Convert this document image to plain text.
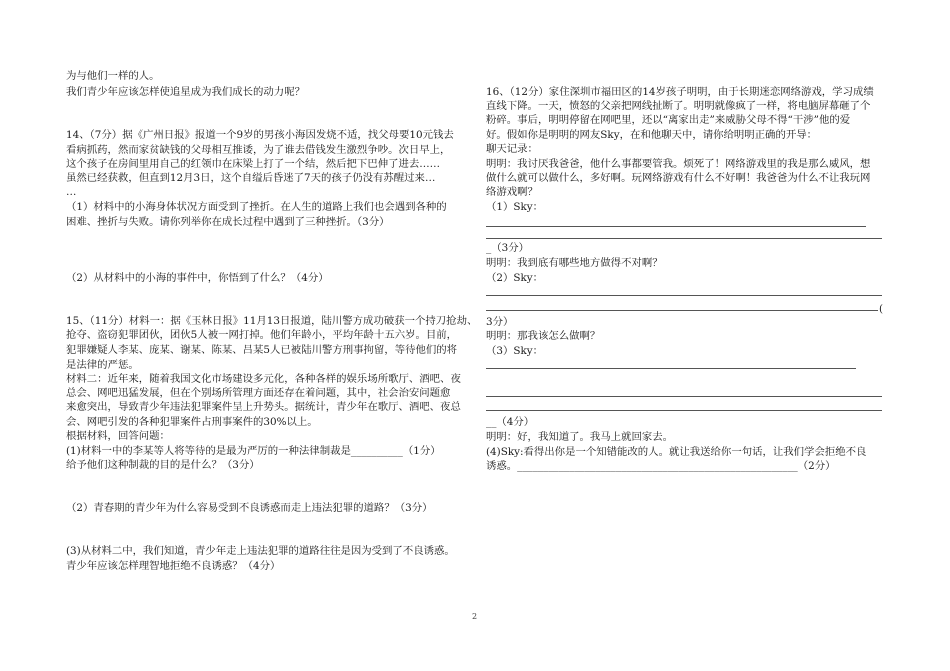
为与他们一样的人。
我们青少年应该怎样使追星成为我们成长的动力呢？
14、（7分）据《广州日报》报道一个9岁的男孩小海因发烧不适，找父母要10元钱去
看病抓药，然而家贫缺钱的父母相互推诿，为了谁去借钱发生激烈争吵。次日早上，
这个孩子在房间里用自己的红领巾在床梁上打了一个结，然后把下巴伸了进去……
虽然已经获救，但直到12月3日，这个自缢后昏迷了7天的孩子仍没有苏醒过来…
…
（1）材料中的小海身体状况方面受到了挫折。在人生的道路上我们也会遇到各种的
困难、挫折与失败。请你列举你在成长过程中遇到了三种挫折。（3分）
（2）从材料中的小海的事件中，你悟到了什么？（4分）
15、（11分）材料一：据《玉林日报》11月13日报道，陆川警方成功破获一个持刀抢劫、
抢夺、盗窃犯罪团伙，团伙5人被一网打掉。他们年龄小，平均年龄十五六岁。目前，
犯罪嫌疑人李某、庞某、谢某、陈某、吕某5人已被陆川警方刑事拘留，等待他们的将
是法律的严惩。
材料二：近年来，随着我国文化市场建设多元化，各种各样的娱乐场所歌厅、酒吧、夜
总会、网吧迅猛发展，但在个别场所管理方面还存在着问题，其中，社会治安问题愈
来愈突出，导致青少年违法犯罪案件呈上升势头。据统计，青少年在歌厅、酒吧、夜总
会、网吧引发的各种犯罪案件占刑事案件的30%以上。
根据材料，回答问题：
(1)材料一中的李某等人将等待的是最为严厉的一种法律制裁是__________（1分）
给予他们这种制裁的目的是什么？（3分）
（2）青春期的青少年为什么容易受到不良诱惑而走上违法犯罪的道路？（3分）
(3)从材料二中，我们知道，青少年走上违法犯罪的道路往往是因为受到了不良诱惑。
青少年应该怎样理智地拒绝不良诱惑？（4分）
16、（12分）家住深圳市福田区的14岁孩子明明，由于长期迷恋网络游戏，学习成绩
直线下降。一天，愤怒的父亲把网线扯断了。明明就像疯了一样，将电脑屏幕砸了个
粉碎。事后，明明停留在网吧里，还以“离家出走”来威胁父母不得“干涉”他的爱
好。假如你是明明的网友Sky，在和他聊天中，请你给明明正确的开导：
聊天记录：
明明：我讨厌我爸爸，他什么事都要管我。烦死了！网络游戏里的我是那么威风，想
做什么就可以做什么，多好啊。玩网络游戏有什么不好啊！我爸爸为什么不让我玩网
络游戏啊？
（1）Sky：
_（3分）
明明：我到底有哪些地方做得不对啊？
（2）Sky：
(
3分）
明明：那我该怎么做啊？
（3）Sky：
__（4分）
明明：好，我知道了。我马上就回家去。
(4)Sky:看得出你是一个知错能改的人。就让我送给你一句话，让我们学会拒绝不良
诱惑。______________________________________________________（2分）
2
